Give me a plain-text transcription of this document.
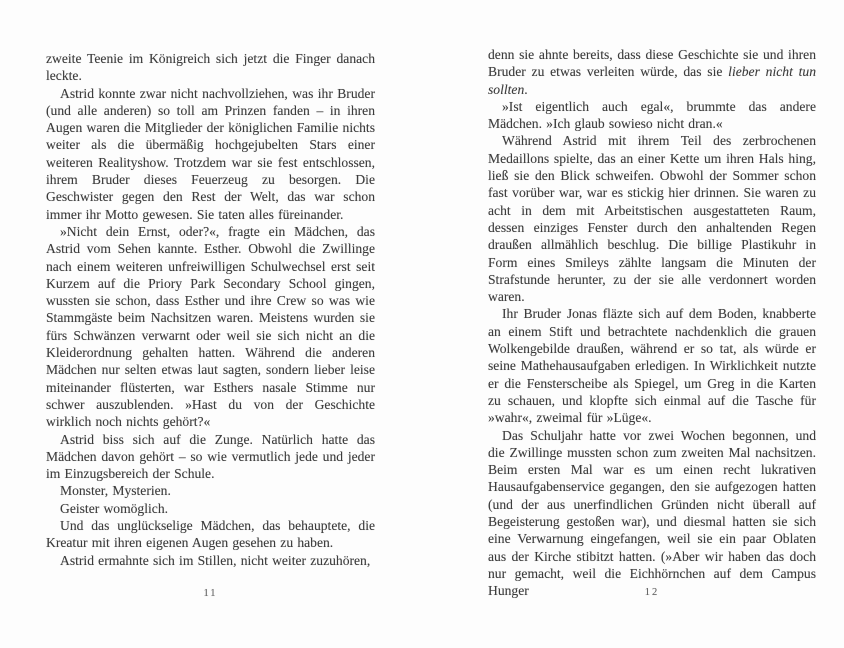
zweite Teenie im Königreich sich jetzt die Finger danach leckte.

Astrid konnte zwar nicht nachvollziehen, was ihr Bruder (und alle anderen) so toll am Prinzen fanden – in ihren Augen waren die Mitglieder der königlichen Familie nichts weiter als die übermäßig hochgejubelten Stars einer weiteren Realityshow. Trotzdem war sie fest entschlossen, ihrem Bruder dieses Feuerzeug zu besorgen. Die Geschwister gegen den Rest der Welt, das war schon immer ihr Motto gewesen. Sie taten alles füreinander.

»Nicht dein Ernst, oder?«, fragte ein Mädchen, das Astrid vom Sehen kannte. Esther. Obwohl die Zwillinge nach einem weiteren unfreiwilligen Schulwechsel erst seit Kurzem auf die Priory Park Secondary School gingen, wussten sie schon, dass Esther und ihre Crew so was wie Stammgäste beim Nachsitzen waren. Meistens wurden sie fürs Schwänzen verwarnt oder weil sie sich nicht an die Kleiderordnung gehalten hatten. Während die anderen Mädchen nur selten etwas laut sagten, sondern lieber leise miteinander flüsterten, war Esthers nasale Stimme nur schwer auszublenden. »Hast du von der Geschichte wirklich noch nichts gehört?«

Astrid biss sich auf die Zunge. Natürlich hatte das Mädchen davon gehört – so wie vermutlich jede und jeder im Einzugsbereich der Schule.

Monster, Mysterien.

Geister womöglich.

Und das unglückselige Mädchen, das behauptete, die Kreatur mit ihren eigenen Augen gesehen zu haben.

Astrid ermahnte sich im Stillen, nicht weiter zuzuhören,

11

denn sie ahnte bereits, dass diese Geschichte sie und ihren Bruder zu etwas verleiten würde, das sie lieber nicht tun sollten.

»Ist eigentlich auch egal«, brummte das andere Mädchen. »Ich glaub sowieso nicht dran.«

Während Astrid mit ihrem Teil des zerbrochenen Medaillons spielte, das an einer Kette um ihren Hals hing, ließ sie den Blick schweifen. Obwohl der Sommer schon fast vorüber war, war es stickig hier drinnen. Sie waren zu acht in dem mit Arbeitstischen ausgestatteten Raum, dessen einziges Fenster durch den anhaltenden Regen draußen allmählich beschlug. Die billige Plastikuhr in Form eines Smileys zählte langsam die Minuten der Strafstunde herunter, zu der sie alle verdonnert worden waren.

Ihr Bruder Jonas fläzte sich auf dem Boden, knabberte an einem Stift und betrachtete nachdenklich die grauen Wolkengebilde draußen, während er so tat, als würde er seine Mathehausaufgaben erledigen. In Wirklichkeit nutzte er die Fensterscheibe als Spiegel, um Greg in die Karten zu schauen, und klopfte sich einmal auf die Tasche für »wahr«, zweimal für »Lüge«.

Das Schuljahr hatte vor zwei Wochen begonnen, und die Zwillinge mussten schon zum zweiten Mal nachsitzen. Beim ersten Mal war es um einen recht lukrativen Hausaufgabenservice gegangen, den sie aufgezogen hatten (und der aus unerfindlichen Gründen nicht überall auf Begeisterung gestoßen war), und diesmal hatten sie sich eine Verwarnung eingefangen, weil sie ein paar Oblaten aus der Kirche stibitzt hatten. (»Aber wir haben das doch nur gemacht, weil die Eichhörnchen auf dem Campus Hunger	12
